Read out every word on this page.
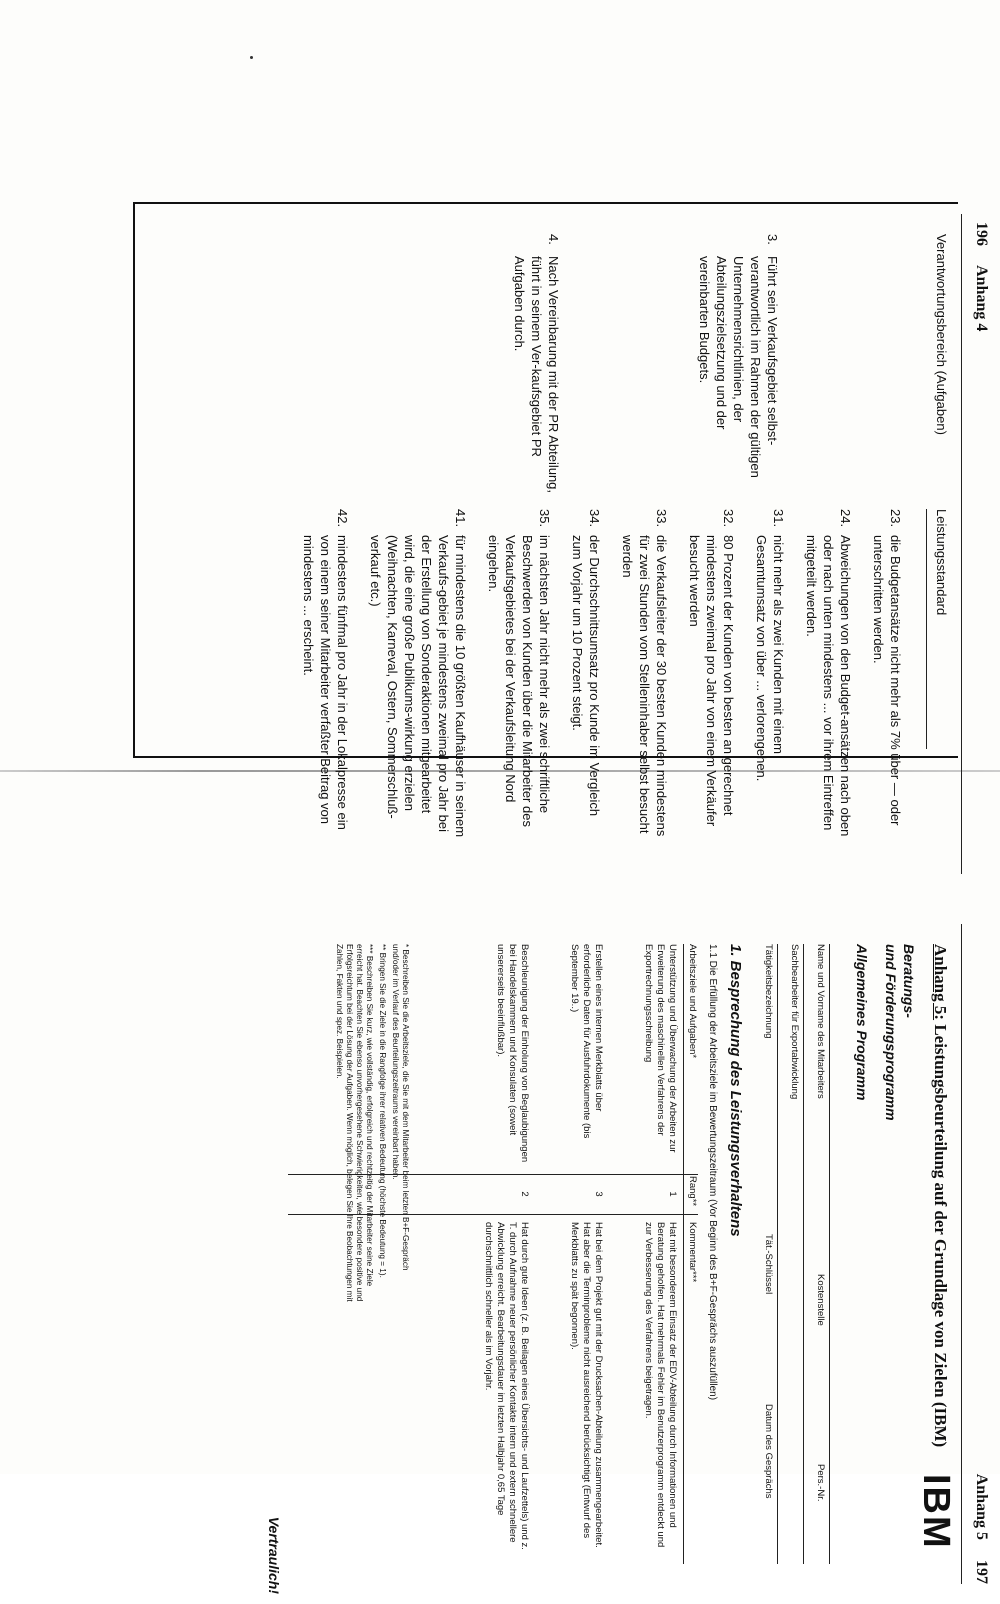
196 Anhang 4
Verantwortungsbereich (Aufgaben)
3.
Führt sein Verkaufsgebiet selbst-verantwortlich im Rahmen der gültigen Unternehmensrichtlinien, der Abteilungszielsetzung und der vereinbarten Budgets.
4.
Nach Vereinbarung mit der PR Abteilung, führt in seinem Ver-kaufsgebiet PR Aufgaben durch.
Leistungsstandard
23.
die Budgetansätze nicht mehr als 7% über — oder unterschritten werden.
24.
Abweichungen von den Budget-ansätzen nach oben oder nach unten mindestens ... vor ihrem Eintreffen mitgeteilt werden.
31.
nicht mehr als zwei Kunden mit einem Gesamtumsatz von über ... verlorengehen.
32.
80 Prozent der Kunden von besten an gerechnet mindestens zweimal pro Jahr von einem Verkäufer besucht werden
33.
die Verkaufsleiter der 30 besten Kunden mindestens für zwei Stunden vom Stelleninhaber selbst besucht werden
34.
der Durchschnittsumsatz pro Kunde im Vergleich zum Vorjahr um 10 Prozent steigt.
35.
im nächsten Jahr nicht mehr als zwei schriftliche Beschwerden von Kunden über die Mitarbeiter des Verkaufsgebietes bei der Verkaufsleitung Nord eingehen.
41.
für mindestens die 10 größten Kaufhäuser in seinem Verkaufs-gebiet je mindestens zweimal pro Jahr bei der Erstellung von Sonderaktionen mitgearbeitet wird, die eine große Publikums-wirkung erzielen (Weihnachten, Karneval, Ostern, Sommerschluß-verkauf etc.)
42.
mindestens fünfmal pro Jahr in der Lokalpresse ein von einem seiner Mitarbeiter verfaßter Beitrag von mindestens ... erscheint.
Anhang 5 197
Anhang 5: Leistungsbeurteilung auf der Grundlage von Zielen (IBM)
IBM
Beratungs-
und Förderungsprogramm
Allgemeines Programm
Name und Vorname des Mitarbeiters
Kostenstelle
Pers.-Nr.
Sachbearbeiter für Exportabwicklung
Tätigkeitsbezeichnung
Tät.-Schlüssel
Datum des Gesprächs
1. Besprechung des Leistungsverhaltens
1.1 Die Erfüllung der Arbeitsziele im Bewertungszeitraum (Vor Beginn des B+F-Gesprächs auszufüllen)
Arbeitsziele und Aufgaben*
Rang**
Kommentar***
Unterstützung und Überwachung der Arbeiten zur Erweiterung des maschinellen Verfahrens der Exportrechnungsschreibung
1
Hat mit besonderem Einsatz der EDV-Abteilung durch Informationen und Beratung geholfen. Hat mehrmals Fehler im Benutzerprogramm entdeckt und zur Verbesserung des Verfahrens beigetragen.
Erstellen eines internen Merkblatts über erforderliche Daten für Ausfuhrdokumente (bis September 19..)
3
Hat bei dem Projekt gut mit der Drucksachen-Abteilung zusammengearbeitet. Hat aber die Terminprobleme nicht ausreichend berücksichtigt (Entwurf des Merkblatts zu spät begonnen).
Beschleunigung der Einholung von Beglaubigungen bei Handelskammern und Konsulaten (soweit unsererseits beeinflußbar).
2
Hat durch gute Ideen (z. B. Beilagen eines Übersichts- und Laufzettels) und z. T. durch Aufnahme neuer persönlicher Kontakte intern und extern schnellere Abwicklung erreicht. Bearbeitungsdauer im letzten Halbjahr 0,65 Tage durchschnittlich schneller als im Vorjahr.

* Beschreiben Sie die Arbeitsziele, die Sie mit dem Mitarbeiter beim letzten B+F-Gespräch und/oder im Verlauf des Beurteilungszeitraums vereinbart haben.

** Bringen Sie die Ziele in die Rangfolge ihrer relativen Bedeutung (höchste Bedeutung = 1).

*** Beschreiben Sie kurz, wie vollständig, erfolgreich und rechtzeitig der Mitarbeiter seine Ziele erreicht hat. Beachten Sie ebenso unvorhergesehene Schwierigkeiten, wie besondere positive und Erfolgsreichtum bei der Lösung der Aufgaben. Wenn möglich, belegen Sie Ihre Beobachtungen mit Zahlen, Fakten und spez. Beispielen.

Vertraulich!
